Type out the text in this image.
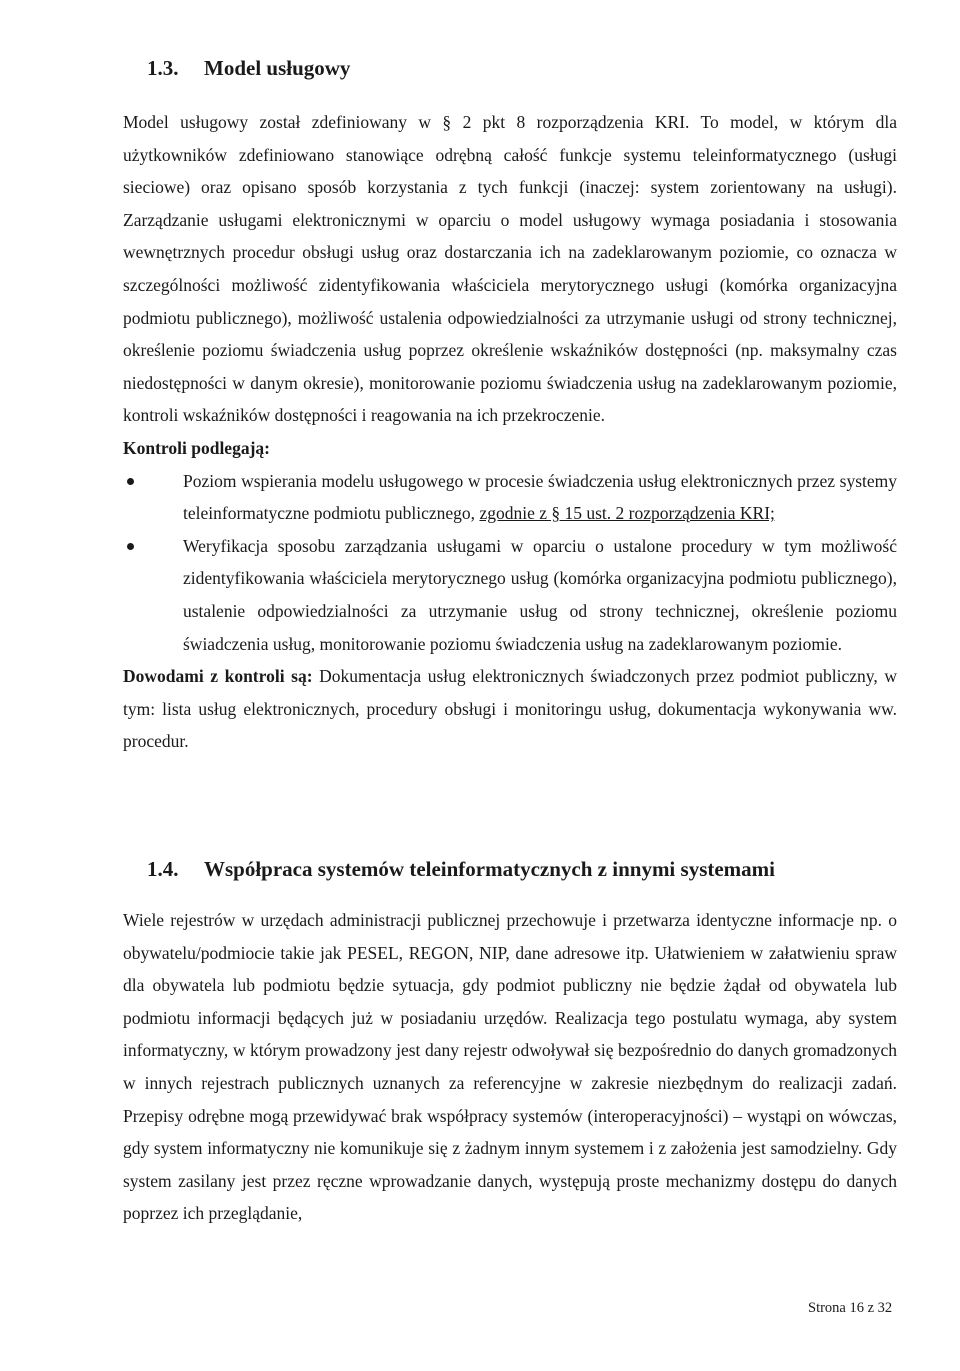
1.3. Model usługowy

Model usługowy został zdefiniowany w § 2 pkt 8 rozporządzenia KRI. To model, w którym dla użytkowników zdefiniowano stanowiące odrębną całość funkcje systemu teleinformatycznego (usługi sieciowe) oraz opisano sposób korzystania z tych funkcji (inaczej: system zorientowany na usługi). Zarządzanie usługami elektronicznymi w oparciu o model usługowy wymaga posiadania i stosowania wewnętrznych procedur obsługi usług oraz dostarczania ich na zadeklarowanym poziomie, co oznacza w szczególności możliwość zidentyfikowania właściciela merytorycznego usługi (komórka organizacyjna podmiotu publicznego), możliwość ustalenia odpowiedzialności za utrzymanie usługi od strony technicznej, określenie poziomu świadczenia usług poprzez określenie wskaźników dostępności (np. maksymalny czas niedostępności w danym okresie), monitorowanie poziomu świadczenia usług na zadeklarowanym poziomie, kontroli wskaźników dostępności i reagowania na ich przekroczenie.

Kontroli podlegają:

Poziom wspierania modelu usługowego w procesie świadczenia usług elektronicznych przez systemy teleinformatyczne podmiotu publicznego, zgodnie z § 15 ust. 2 rozporządzenia KRI;
Weryfikacja sposobu zarządzania usługami w oparciu o ustalone procedury w tym możliwość zidentyfikowania właściciela merytorycznego usług (komórka organizacyjna podmiotu publicznego), ustalenie odpowiedzialności za utrzymanie usług od strony technicznej, określenie poziomu świadczenia usług, monitorowanie poziomu świadczenia usług na zadeklarowanym poziomie.

Dowodami z kontroli są: Dokumentacja usług elektronicznych świadczonych przez podmiot publiczny, w tym: lista usług elektronicznych, procedury obsługi i monitoringu usług, dokumentacja wykonywania ww. procedur.

1.4. Współpraca systemów teleinformatycznych z innymi systemami

Wiele rejestrów w urzędach administracji publicznej przechowuje i przetwarza identyczne informacje np. o obywatelu/podmiocie takie jak PESEL, REGON, NIP, dane adresowe itp. Ułatwieniem w załatwieniu spraw dla obywatela lub podmiotu będzie sytuacja, gdy podmiot publiczny nie będzie żądał od obywatela lub podmiotu informacji będących już w posiadaniu urzędów. Realizacja tego postulatu wymaga, aby system informatyczny, w którym prowadzony jest dany rejestr odwoływał się bezpośrednio do danych gromadzonych w innych rejestrach publicznych uznanych za referencyjne w zakresie niezbędnym do realizacji zadań. Przepisy odrębne mogą przewidywać brak współpracy systemów (interoperacyjności) – wystąpi on wówczas, gdy system informatyczny nie komunikuje się z żadnym innym systemem i z założenia jest samodzielny. Gdy system zasilany jest przez ręczne wprowadzanie danych, występują proste mechanizmy dostępu do danych poprzez ich przeglądanie,

Strona 16 z 32
